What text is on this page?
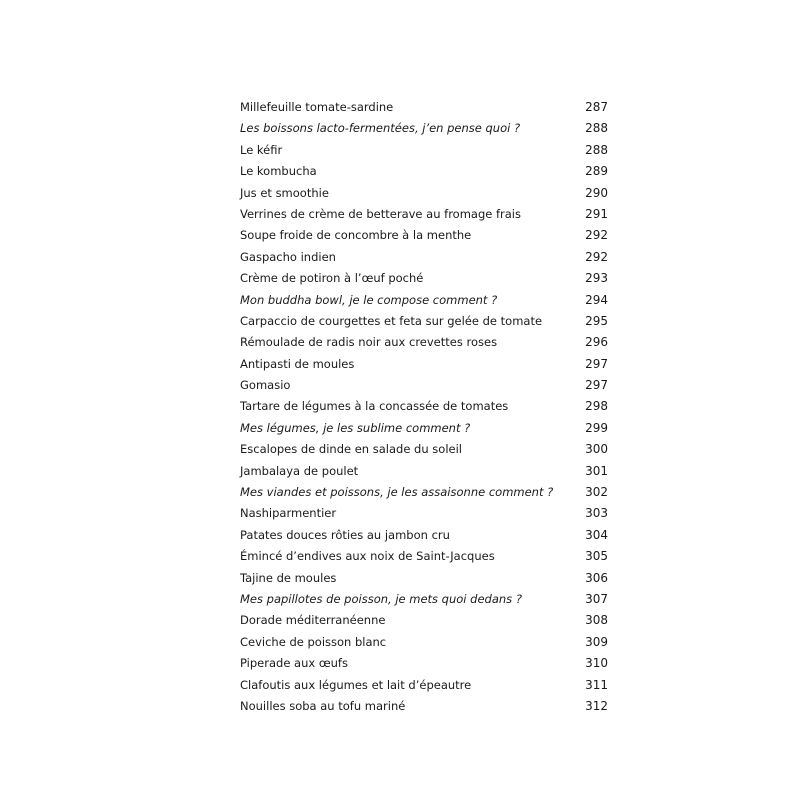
Millefeuille tomate-sardine	287
Les boissons lacto-fermentées, j’en pense quoi ?	288
Le kéfir	288
Le kombucha	289
Jus et smoothie	290
Verrines de crème de betterave au fromage frais	291
Soupe froide de concombre à la menthe	292
Gaspacho indien	292
Crème de potiron à l’œuf poché	293
Mon buddha bowl, je le compose comment ?	294
Carpaccio de courgettes et feta sur gelée de tomate	295
Rémoulade de radis noir aux crevettes roses	296
Antipasti de moules	297
Gomasio	297
Tartare de légumes à la concassée de tomates	298
Mes légumes, je les sublime comment ?	299
Escalopes de dinde en salade du soleil	300
Jambalaya de poulet	301
Mes viandes et poissons, je les assaisonne comment ?	302
Nashiparmentier	303
Patates douces rôties au jambon cru	304
Émincé d’endives aux noix de Saint-Jacques	305
Tajine de moules	306
Mes papillotes de poisson, je mets quoi dedans ?	307
Dorade méditerranéenne	308
Ceviche de poisson blanc	309
Piperade aux œufs	310
Clafoutis aux légumes et lait d’épeautre	311
Nouilles soba au tofu mariné	312
